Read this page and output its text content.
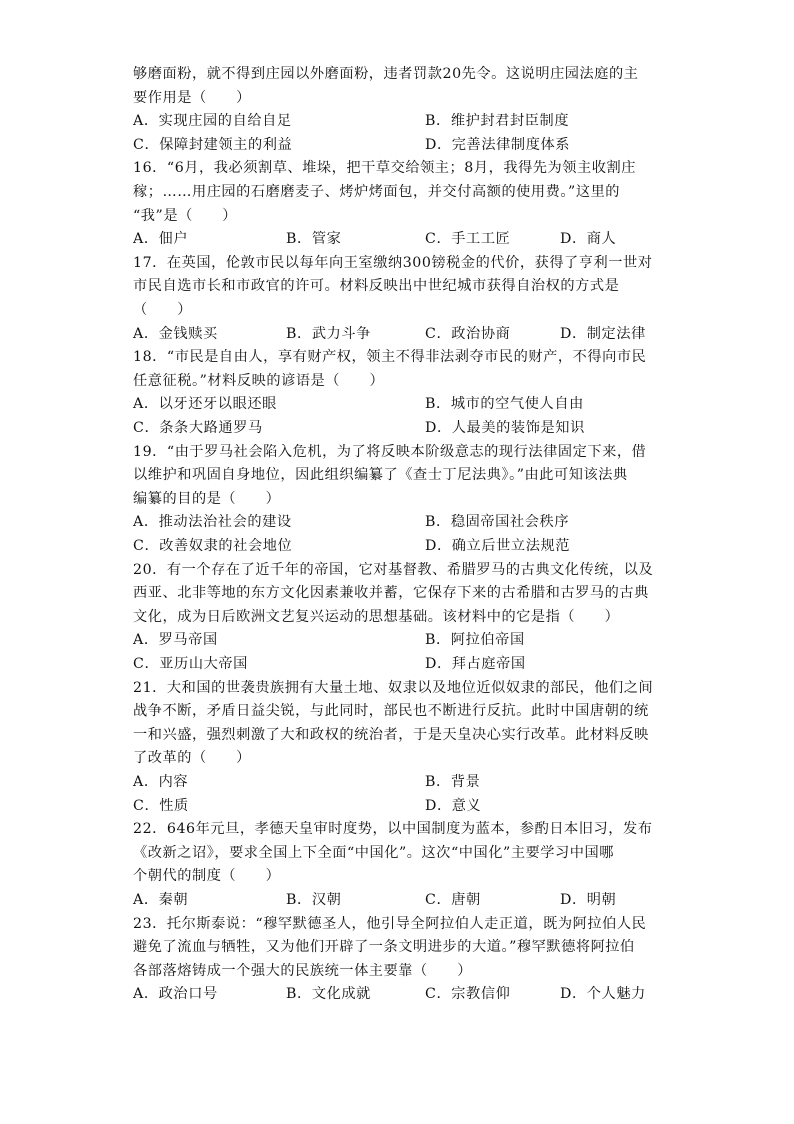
够磨面粉，就不得到庄园以外磨面粉，违者罚款20先令。这说明庄园法庭的主
要作用是（　　）
A．实现庄园的自给自足	B．维护封君封臣制度
C．保障封建领主的利益	D．完善法律制度体系
16．“6月，我必须割草、堆垛，把干草交给领主；8月，我得先为领主收割庄
稼；……用庄园的石磨磨麦子、烤炉烤面包，并交付高额的使用费。”这里的
“我”是（　　）
A．佃户	B．管家	C．手工工匠	D．商人
17．在英国，伦敦市民以每年向王室缴纳300镑税金的代价，获得了亨利一世对
市民自选市长和市政官的许可。材料反映出中世纪城市获得自治权的方式是
（　　）
A．金钱赎买	B．武力斗争	C．政治协商	D．制定法律
18．“市民是自由人，享有财产权，领主不得非法剥夺市民的财产，不得向市民
任意征税。”材料反映的谚语是（　　）
A．以牙还牙以眼还眼	B．城市的空气使人自由
C．条条大路通罗马	D．人最美的装饰是知识
19．“由于罗马社会陷入危机，为了将反映本阶级意志的现行法律固定下来，借
以维护和巩固自身地位，因此组织编纂了《查士丁尼法典》。”由此可知该法典
编纂的目的是（　　）
A．推动法治社会的建设	B．稳固帝国社会秩序
C．改善奴隶的社会地位	D．确立后世立法规范
20．有一个存在了近千年的帝国，它对基督教、希腊罗马的古典文化传统，以及
西亚、北非等地的东方文化因素兼收并蓄，它保存下来的古希腊和古罗马的古典
文化，成为日后欧洲文艺复兴运动的思想基础。该材料中的它是指（　　）
A．罗马帝国	B．阿拉伯帝国
C．亚历山大帝国	D．拜占庭帝国
21．大和国的世袭贵族拥有大量土地、奴隶以及地位近似奴隶的部民，他们之间
战争不断，矛盾日益尖锐，与此同时，部民也不断进行反抗。此时中国唐朝的统
一和兴盛，强烈刺激了大和政权的统治者，于是天皇决心实行改革。此材料反映
了改革的（　　）
A．内容	B．背景
C．性质	D．意义
22．646年元旦，孝德天皇审时度势，以中国制度为蓝本，参酌日本旧习，发布
《改新之诏》，要求全国上下全面“中国化”。这次“中国化”主要学习中国哪
个朝代的制度（　　）
A．秦朝	B．汉朝	C．唐朝	D．明朝
23．托尔斯泰说：“穆罕默德圣人，他引导全阿拉伯人走正道，既为阿拉伯人民
避免了流血与牺牲，又为他们开辟了一条文明进步的大道。”穆罕默德将阿拉伯
各部落熔铸成一个强大的民族统一体主要靠（　　）
A．政治口号	B．文化成就	C．宗教信仰	D．个人魅力
